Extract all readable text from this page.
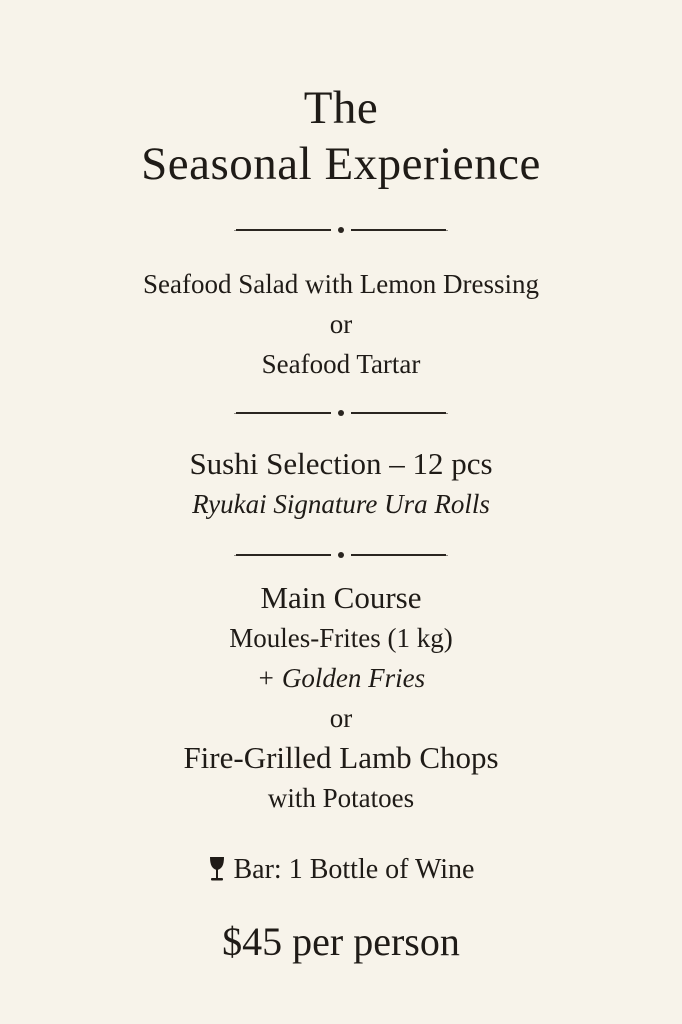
The
Seasonal Experience
Seafood Salad with Lemon Dressing
or
Seafood Tartar
Sushi Selection – 12 pcs
Ryukai Signature Ura Rolls
Main Course
Moules-Frites (1 kg)
+ Golden Fries
or
Fire-Grilled Lamb Chops
with Potatoes
Bar: 1 Bottle of Wine
$45 per person
